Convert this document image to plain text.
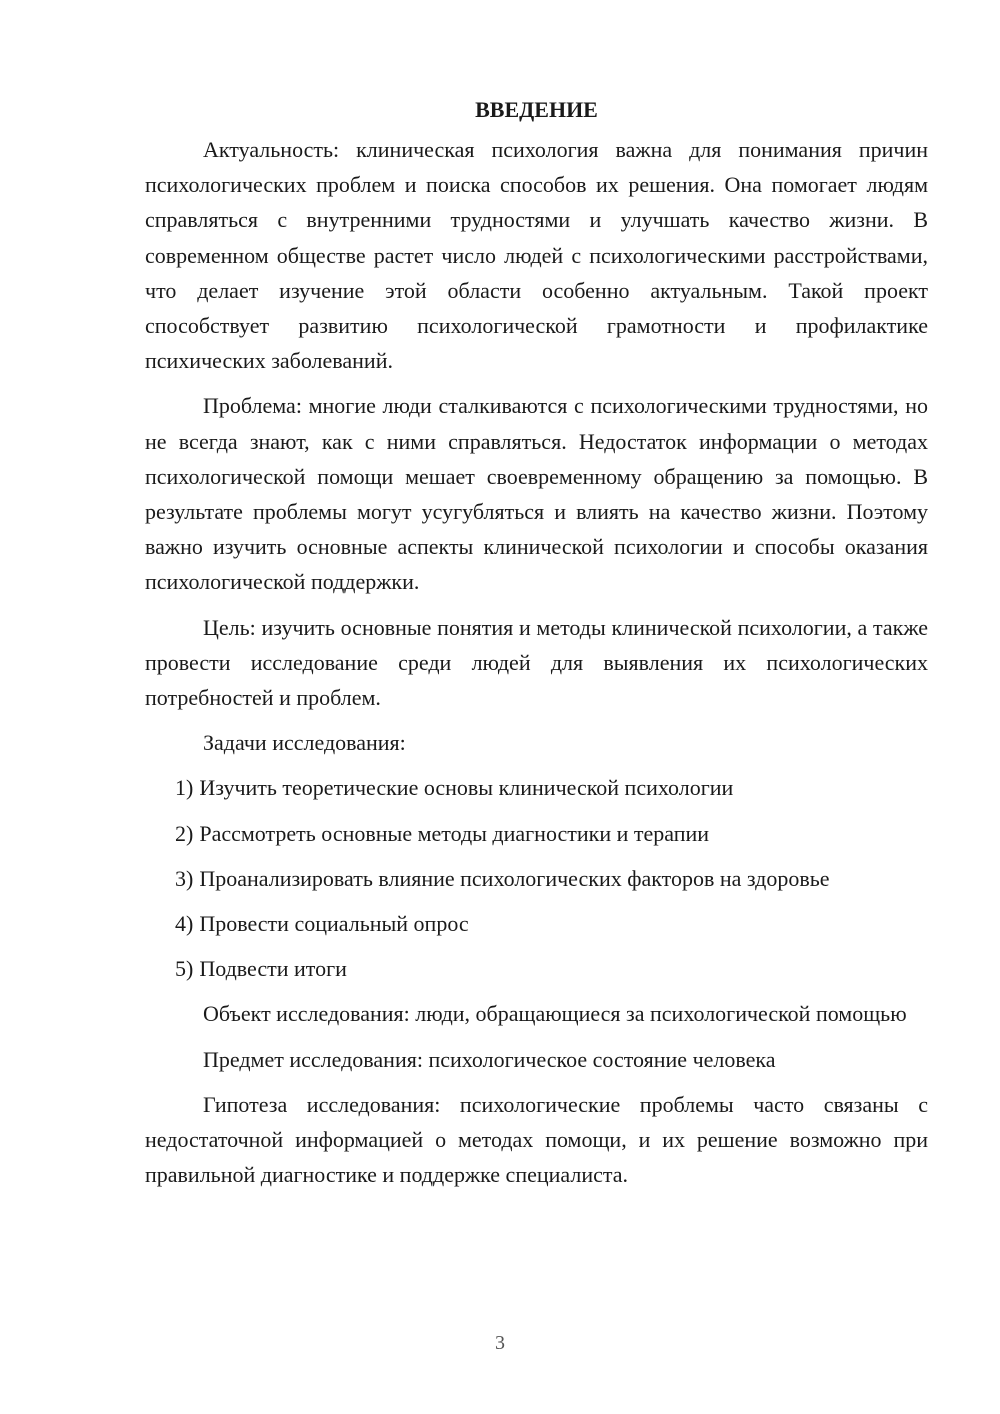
ВВЕДЕНИЕ

Актуальность: клиническая психология важна для понимания причин психологических проблем и поиска способов их решения. Она помогает людям справляться с внутренними трудностями и улучшать качество жизни. В современном обществе растет число людей с психологическими расстройствами, что делает изучение этой области особенно актуальным. Такой проект способствует развитию психологической грамотности и профилактике психических заболеваний.

Проблема: многие люди сталкиваются с психологическими трудностями, но не всегда знают, как с ними справляться. Недостаток информации о методах психологической помощи мешает своевременному обращению за помощью. В результате проблемы могут усугубляться и влиять на качество жизни. Поэтому важно изучить основные аспекты клинической психологии и способы оказания психологической поддержки.

Цель: изучить основные понятия и методы клинической психологии, а также провести исследование среди людей для выявления их психологических потребностей и проблем.

Задачи исследования:

1) Изучить теоретические основы клинической психологии
2) Рассмотреть основные методы диагностики и терапии
3) Проанализировать влияние психологических факторов на здоровье
4) Провести социальный опрос
5) Подвести итоги

Объект исследования: люди, обращающиеся за психологической помощью

Предмет исследования: психологическое состояние человека

Гипотеза исследования: психологические проблемы часто связаны с недостаточной информацией о методах помощи, и их решение возможно при правильной диагностике и поддержке специалиста.

3
